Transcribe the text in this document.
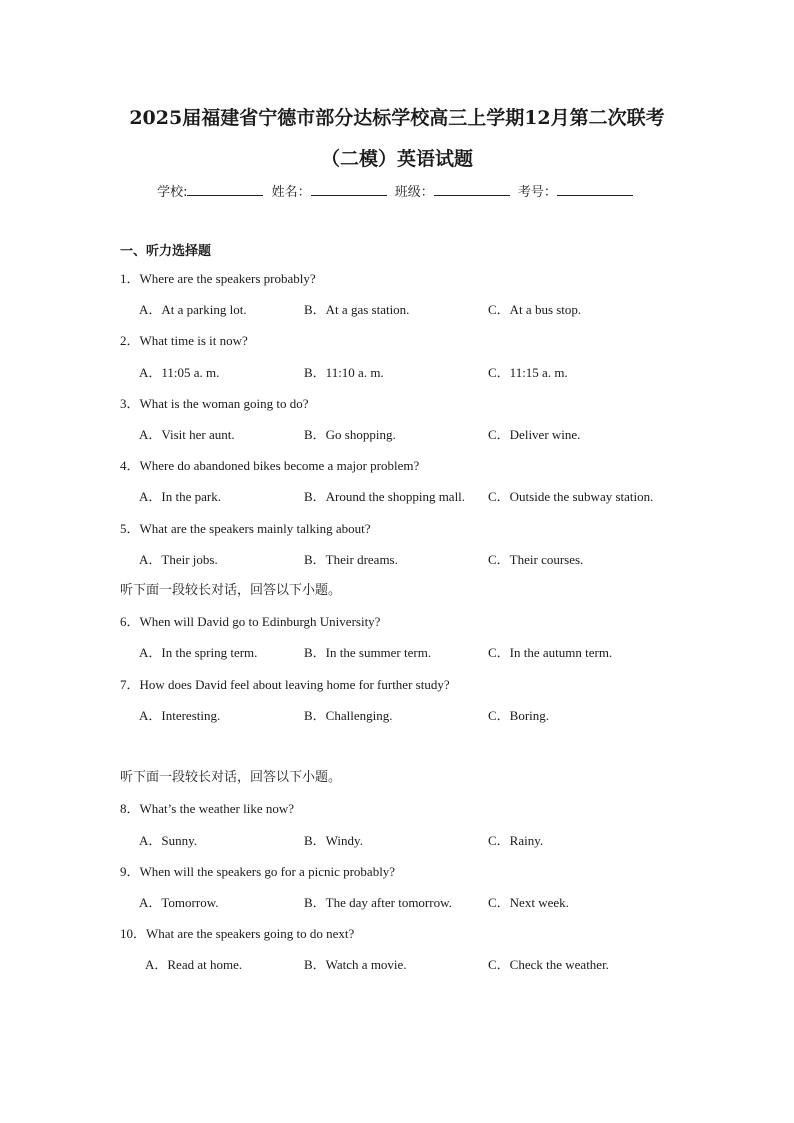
2025届福建省宁德市部分达标学校高三上学期12月第二次联考
（二模）英语试题
学校:	姓名：	班级：	考号：
一、听力选择题
1．Where are the speakers probably?
A．At a parking lot.	B．At a gas station.	C．At a bus stop.
2．What time is it now?
A．11:05 a. m.	B．11:10 a. m.	C．11:15 a. m.
3．What is the woman going to do?
A．Visit her aunt.	B．Go shopping.	C．Deliver wine.
4．Where do abandoned bikes become a major problem?
A．In the park.	B．Around the shopping mall. C．Outside the subway station.
5．What are the speakers mainly talking about?
A．Their jobs.	B．Their dreams.	C．Their courses.
听下面一段较长对话，回答以下小题。
6．When will David go to Edinburgh University?
A．In the spring term.	B．In the summer term.	C．In the autumn term.
7．How does David feel about leaving home for further study?
A．Interesting.	B．Challenging.	C．Boring.
听下面一段较长对话，回答以下小题。
8．What’s the weather like now?
A．Sunny.	B．Windy.	C．Rainy.
9．When will the speakers go for a picnic probably?
A．Tomorrow.	B．The day after tomorrow.	C．Next week.
10．What are the speakers going to do next?
A．Read at home.	B．Watch a movie.	C．Check the weather.
